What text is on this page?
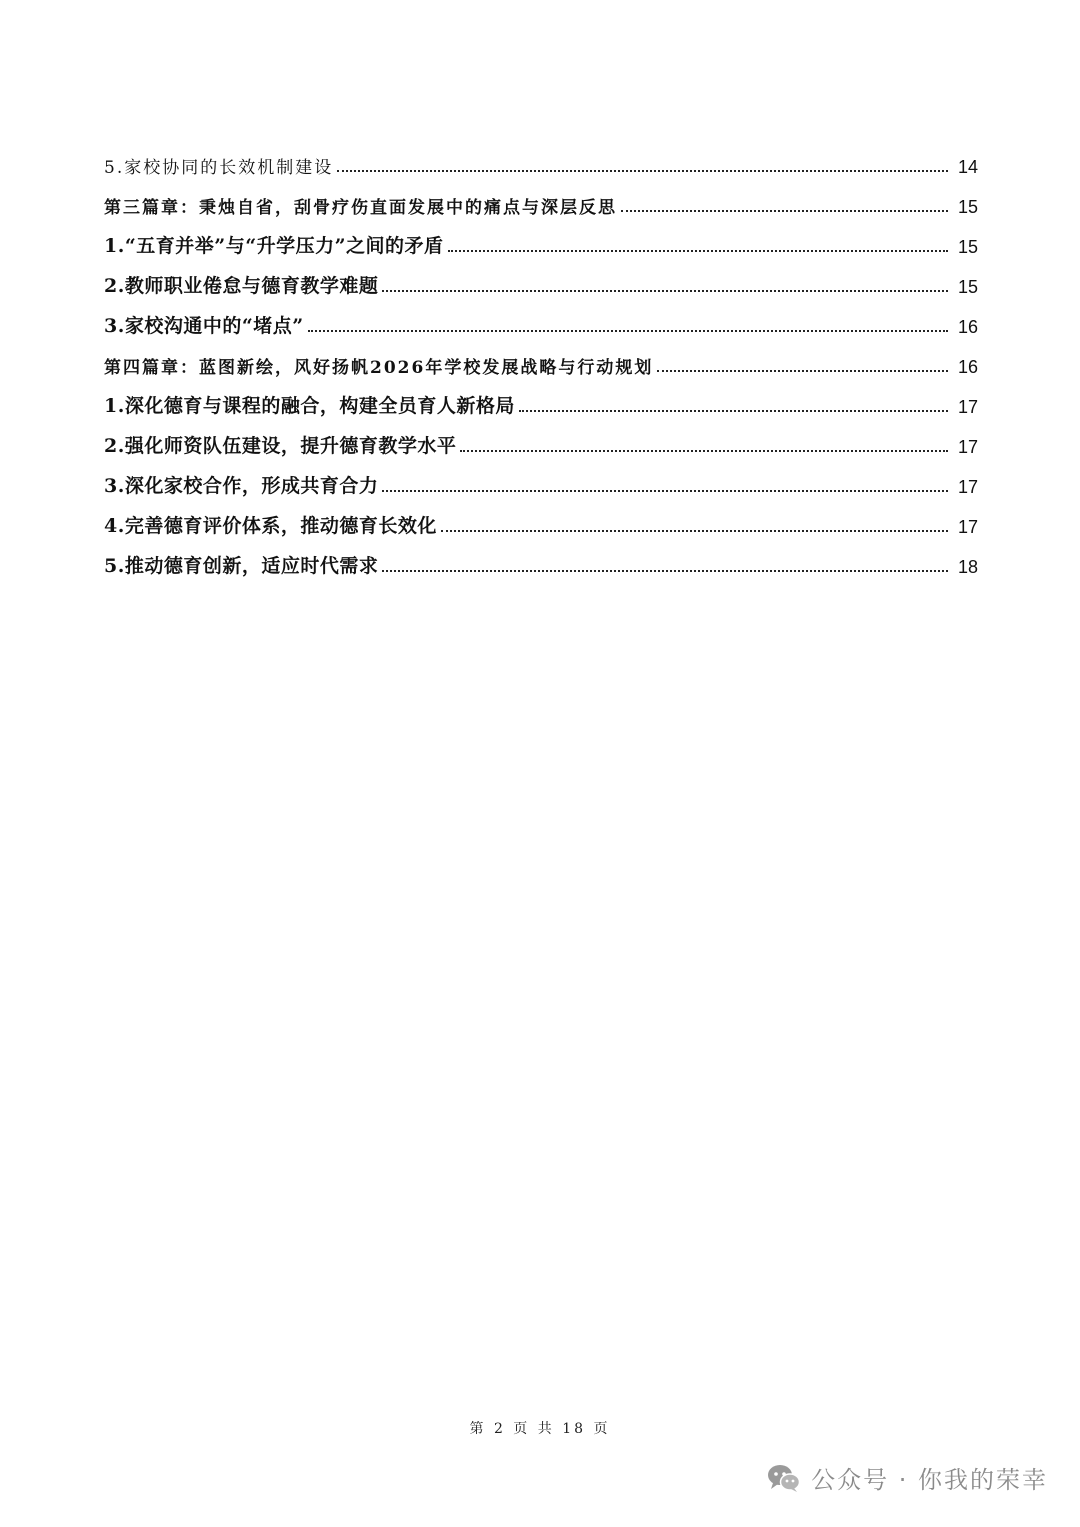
5.家校协同的长效机制建设	14
第三篇章：秉烛自省，刮骨疗伤直面发展中的痛点与深层反思	15
1.“五育并举”与“升学压力”之间的矛盾	15
2.教师职业倦怠与德育教学难题	15
3.家校沟通中的“堵点”	16
第四篇章：蓝图新绘，风好扬帆2026年学校发展战略与行动规划	16
1.深化德育与课程的融合，构建全员育人新格局	17
2.强化师资队伍建设，提升德育教学水平	17
3.深化家校合作，形成共育合力	17
4.完善德育评价体系，推动德育长效化	17
5.推动德育创新，适应时代需求	18
第 2 页 共 18 页
公众号 · 你我的荣幸
